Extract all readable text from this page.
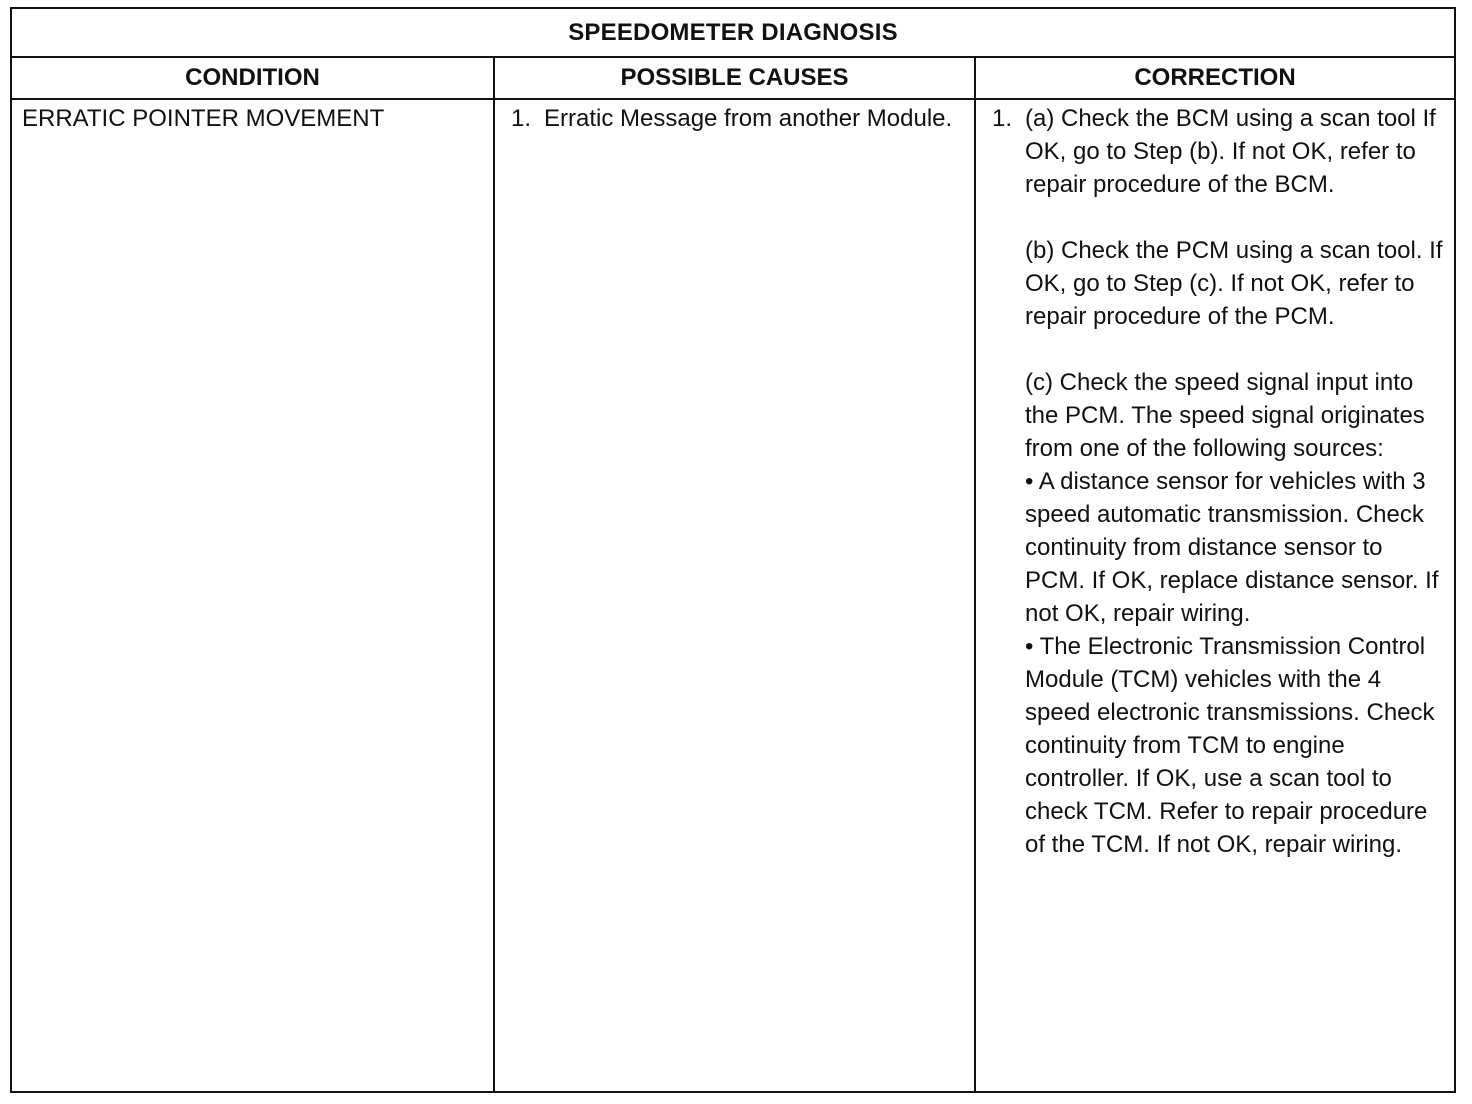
SPEEDOMETER DIAGNOSIS
CONDITION	POSSIBLE CAUSES	CORRECTION
ERRATIC POINTER MOVEMENT	1. Erratic Message from another Module.	1. (a) Check the BCM using a scan tool If OK, go to Step (b). If not OK, refer to repair procedure of the BCM.

(b) Check the PCM using a scan tool. If OK, go to Step (c). If not OK, refer to repair procedure of the PCM.

(c) Check the speed signal input into the PCM. The speed signal originates from one of the following sources:

• A distance sensor for vehicles with 3 speed automatic transmission. Check continuity from distance sensor to PCM. If OK, replace distance sensor. If not OK, repair wiring.

• The Electronic Transmission Control Module (TCM) vehicles with the 4 speed electronic transmissions. Check continuity from TCM to engine controller. If OK, use a scan tool to check TCM. Refer to repair procedure of the TCM. If not OK, repair wiring.
